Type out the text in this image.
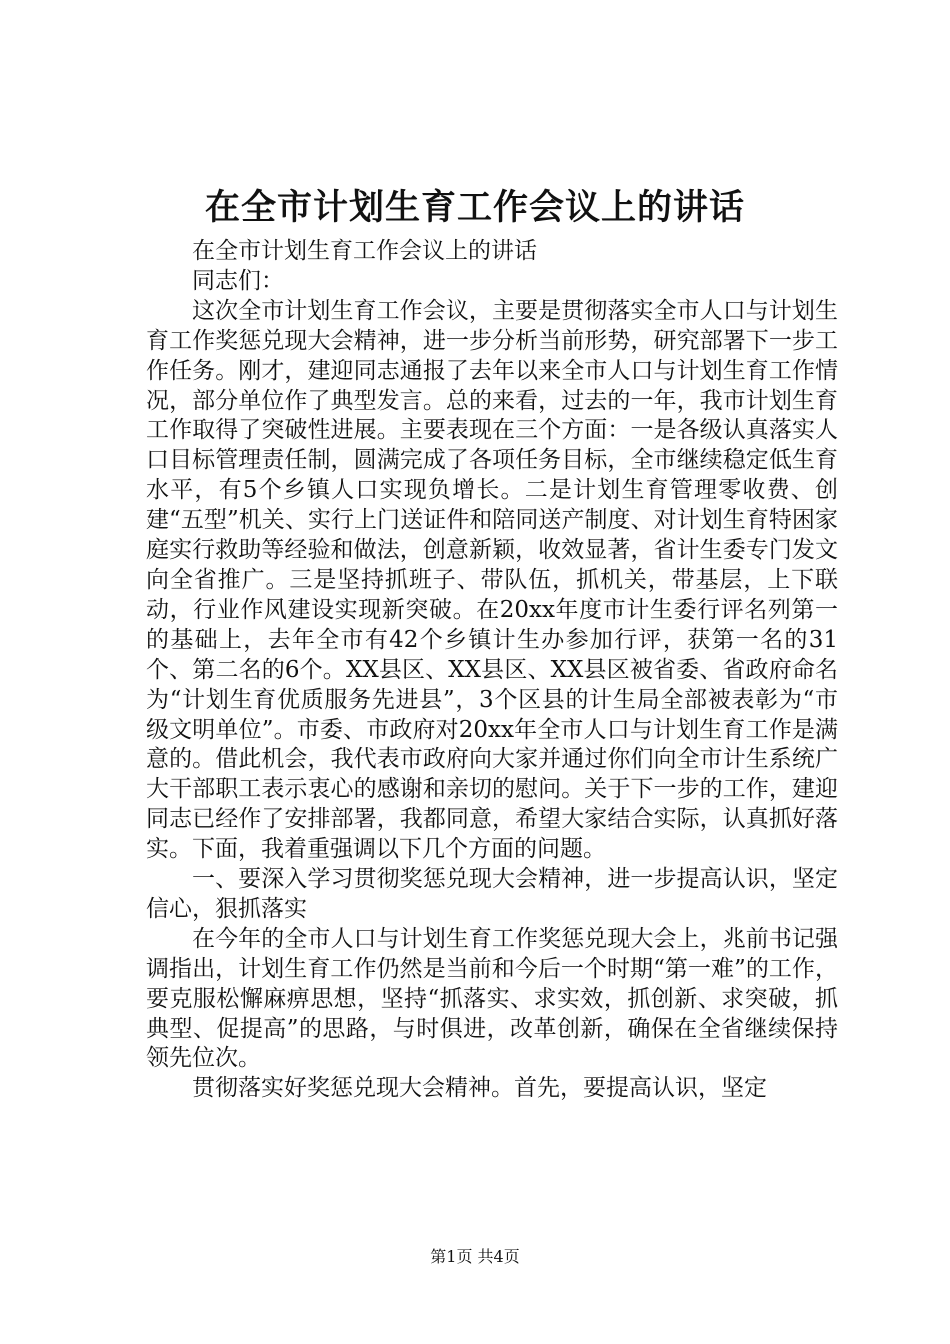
在全市计划生育工作会议上的讲话

在全市计划生育工作会议上的讲话

同志们：

这次全市计划生育工作会议，主要是贯彻落实全市人口与计划生育工作奖惩兑现大会精神，进一步分析当前形势，研究部署下一步工作任务。刚才，建迎同志通报了去年以来全市人口与计划生育工作情况，部分单位作了典型发言。总的来看，过去的一年，我市计划生育工作取得了突破性进展。主要表现在三个方面：一是各级认真落实人口目标管理责任制，圆满完成了各项任务目标，全市继续稳定低生育水平，有5个乡镇人口实现负增长。二是计划生育管理零收费、创建“五型”机关、实行上门送证件和陪同送产制度、对计划生育特困家庭实行救助等经验和做法，创意新颖，收效显著，省计生委专门发文向全省推广。三是坚持抓班子、带队伍，抓机关，带基层，上下联动，行业作风建设实现新突破。在20xx年度市计生委行评名列第一的基础上，去年全市有42个乡镇计生办参加行评，获第一名的31个、第二名的6个。XX县区、XX县区、XX县区被省委、省政府命名为“计划生育优质服务先进县”，3个区县的计生局全部被表彰为“市级文明单位”。市委、市政府对20xx年全市人口与计划生育工作是满意的。借此机会，我代表市政府向大家并通过你们向全市计生系统广大干部职工表示衷心的感谢和亲切的慰问。关于下一步的工作，建迎同志已经作了安排部署，我都同意，希望大家结合实际，认真抓好落实。下面，我着重强调以下几个方面的问题。

一、要深入学习贯彻奖惩兑现大会精神，进一步提高认识，坚定信心，狠抓落实

在今年的全市人口与计划生育工作奖惩兑现大会上，兆前书记强调指出，计划生育工作仍然是当前和今后一个时期“第一难”的工作，要克服松懈麻痹思想，坚持“抓落实、求实效，抓创新、求突破，抓典型、促提高”的思路，与时俱进，改革创新，确保在全省继续保持领先位次。

贯彻落实好奖惩兑现大会精神。首先，要提高认识，坚定

第1页 共4页
